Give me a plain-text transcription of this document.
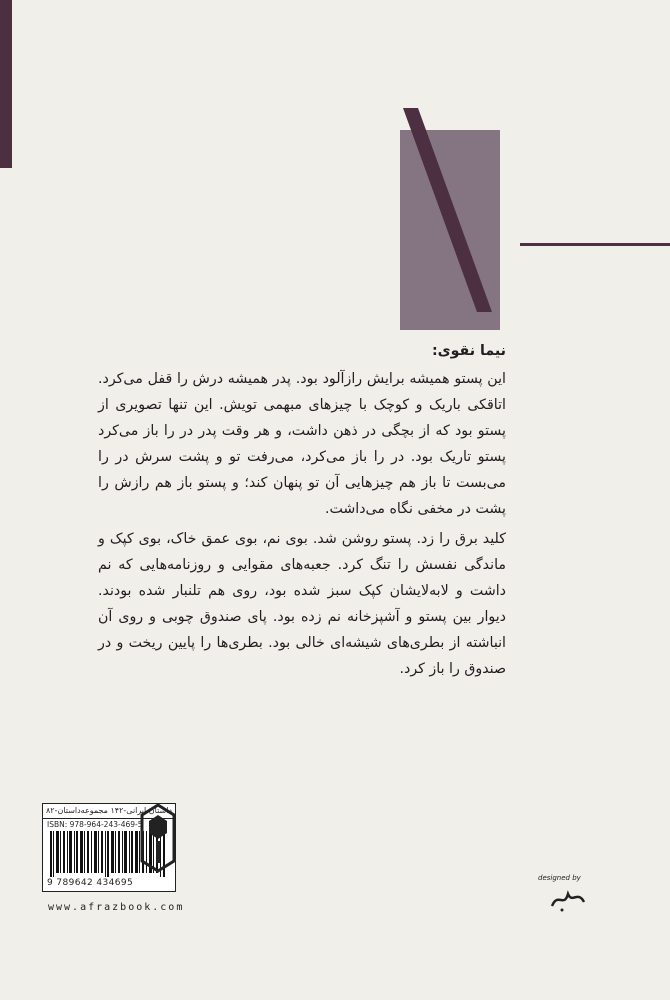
نیما نقوی:

این پستو همیشه برایش رازآلود بود. پدر همیشه درش را قفل می‌کرد. اتاقکی باریک و کوچک با چیزهای مبهمی تویش. این تنها تصویری از پستو بود که از بچگی در ذهن داشت، و هر وقت پدر در را باز می‌کرد پستو تاریک بود. در را باز می‌کرد، می‌رفت تو و پشت سرش در را می‌بست تا باز هم چیزهایی آن تو پنهان کند؛ و پستو باز هم رازش را پشت در مخفی نگاه می‌داشت.

کلید برق را زد. پستو روشن شد. بوی نم، بوی عمق خاک، بوی کپک و ماندگی نفسش را تنگ کرد. جعبه‌های مقوایی و روزنامه‌هایی که نم داشت و لابه‌لایشان کپک سبز شده بود، روی هم تلنبار شده بودند. دیوار بین پستو و آشپزخانه نم زده بود. پای صندوق چوبی و روی آن انباشته از بطری‌های شیشه‌ای خالی بود. بطری‌ها را پایین ریخت و در صندوق را باز کرد.

داستان ایرانی-۱۴۲ مجموعه‌داستان-۸۲
ISBN: 978-964-243-469-5
9 789642 434695
www.afrazbook.com
designed by
